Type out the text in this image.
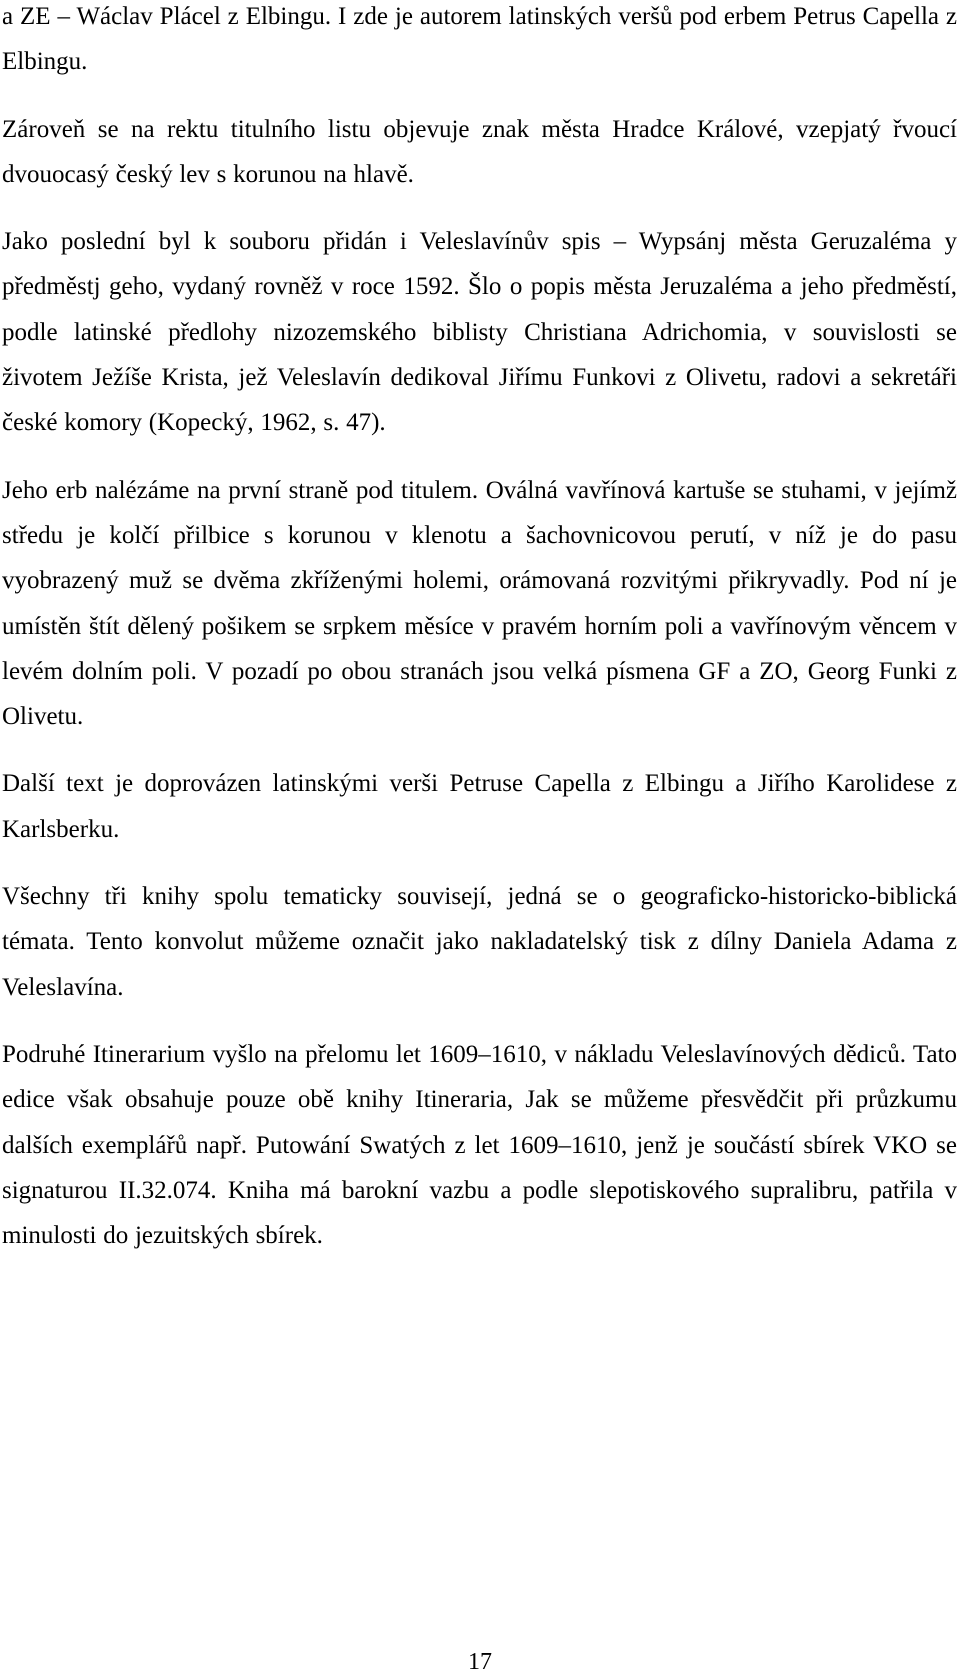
a ZE – Wáclav Plácel z Elbingu. I zde je autorem latinských veršů pod erbem Petrus Capella z Elbingu.

Zároveň se na rektu titulního listu objevuje znak města Hradce Králové, vzepjatý řvoucí dvouocasý český lev s korunou na hlavě.

Jako poslední byl k souboru přidán i Veleslavínův spis – Wypsánj města Geruzaléma y předměstj geho, vydaný rovněž v roce 1592. Šlo o popis města Jeruzaléma a jeho předměstí, podle latinské předlohy nizozemského biblisty Christiana Adrichomia, v souvislosti se životem Ježíše Krista, jež Veleslavín dedikoval Jiřímu Funkovi z Olivetu, radovi a sekretáři české komory (Kopecký, 1962, s. 47).

Jeho erb nalézáme na první straně pod titulem. Oválná vavřínová kartuše se stuhami, v jejímž středu je kolčí přilbice s korunou v klenotu a šachovnicovou perutí, v níž je do pasu vyobrazený muž se dvěma zkříženými holemi, orámovaná rozvitými přikryvadly. Pod ní je umístěn štít dělený pošikem se srpkem měsíce v pravém horním poli a vavřínovým věncem v levém dolním poli. V pozadí po obou stranách jsou velká písmena GF a ZO, Georg Funki z Olivetu.

Další text je doprovázen latinskými verši Petruse Capella z Elbingu a Jiřího Karolidese z Karlsberku.

Všechny tři knihy spolu tematicky souvisejí, jedná se o geograficko-historicko-biblická témata. Tento konvolut můžeme označit jako nakladatelský tisk z dílny Daniela Adama z Veleslavína.

Podruhé Itinerarium vyšlo na přelomu let 1609–1610, v nákladu Veleslavínových dědiců. Tato edice však obsahuje pouze obě knihy Itineraria, Jak se můžeme přesvědčit při průzkumu dalších exemplářů např. Putowání Swatých z let 1609–1610, jenž je součástí sbírek VKO se signaturou II.32.074. Kniha má barokní vazbu a podle slepotiskového supralibru, patřila v minulosti do jezuitských sbírek.

17
